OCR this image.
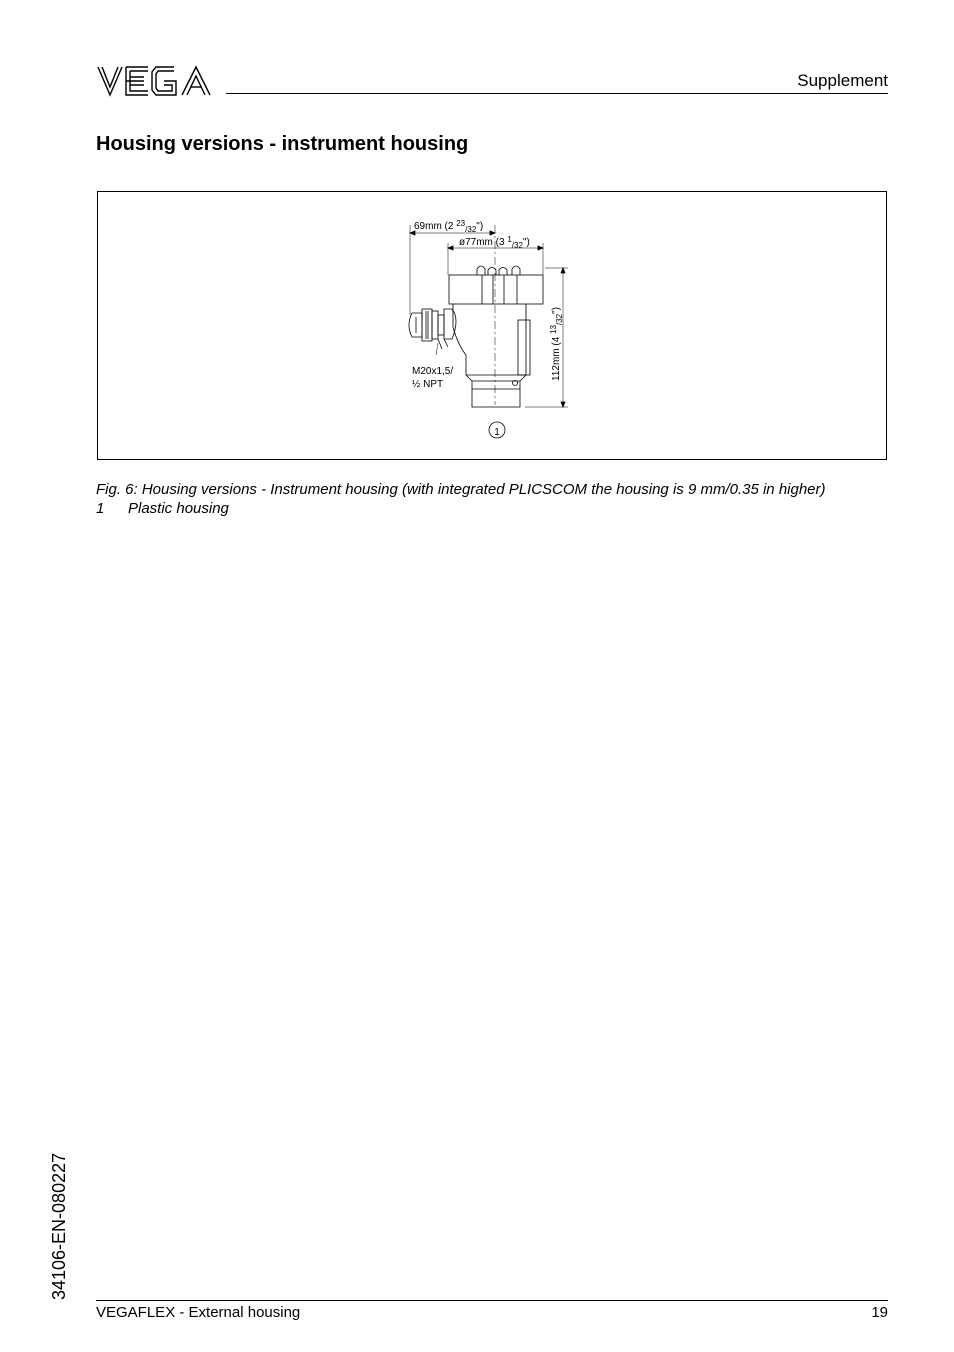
Supplement
Housing versions - instrument housing
69mm (2 $^{23}_{/32}$")
ø77mm (3 $^1_{/32}$")
112mm (4 $^{13}_{/32}$")
M20x1,5/
½ NPT
1
Fig. 6: Housing versions - Instrument housing (with integrated PLICSCOM the housing is 9 mm/0.35 in higher)
1 Plastic housing
34106-EN-080227
VEGAFLEX - External housing	19
